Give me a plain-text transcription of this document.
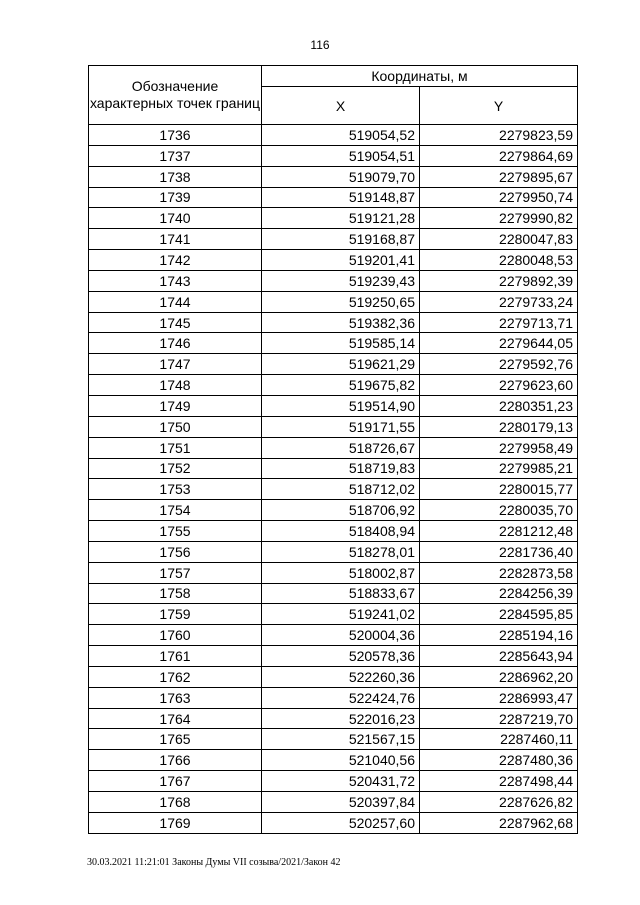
116
Обозначение характерных точек границ	Координаты, м	
	X	Y
1736	519054,52	2279823,59
1737	519054,51	2279864,69
1738	519079,70	2279895,67
1739	519148,87	2279950,74
1740	519121,28	2279990,82
1741	519168,87	2280047,83
1742	519201,41	2280048,53
1743	519239,43	2279892,39
1744	519250,65	2279733,24
1745	519382,36	2279713,71
1746	519585,14	2279644,05
1747	519621,29	2279592,76
1748	519675,82	2279623,60
1749	519514,90	2280351,23
1750	519171,55	2280179,13
1751	518726,67	2279958,49
1752	518719,83	2279985,21
1753	518712,02	2280015,77
1754	518706,92	2280035,70
1755	518408,94	2281212,48
1756	518278,01	2281736,40
1757	518002,87	2282873,58
1758	518833,67	2284256,39
1759	519241,02	2284595,85
1760	520004,36	2285194,16
1761	520578,36	2285643,94
1762	522260,36	2286962,20
1763	522424,76	2286993,47
1764	522016,23	2287219,70
1765	521567,15	2287460,11
1766	521040,56	2287480,36
1767	520431,72	2287498,44
1768	520397,84	2287626,82
1769	520257,60	2287962,68
30.03.2021 11:21:01 Законы Думы VII созыва/2021/Закон 42
